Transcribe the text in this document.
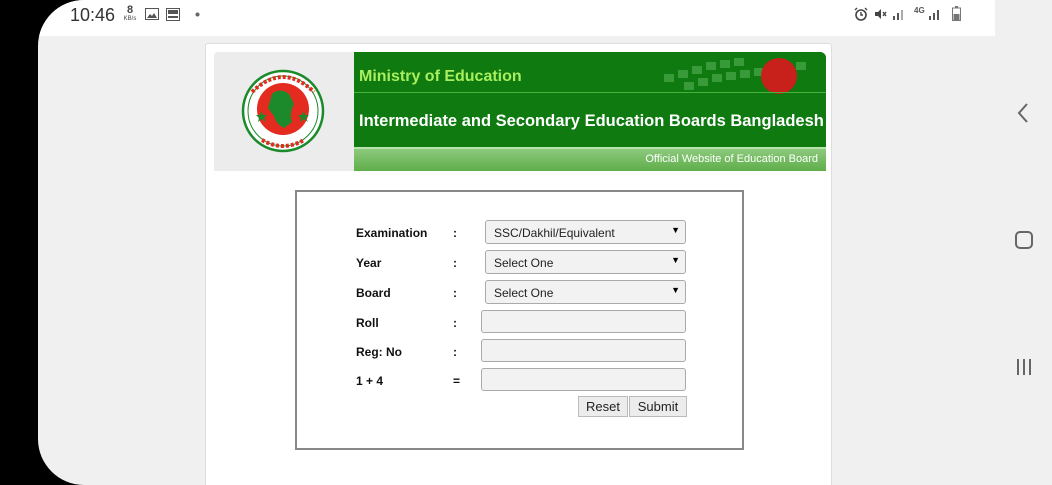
10:46	8
KB/s
4G
Ministry of Education
Intermediate and Secondary Education Boards Bangladesh
Official Website of Education Board
Examination :	SSC/Dakhil/Equivalent	▼
Year	:	Select One	▼
Board	:	Select One	▼
Roll	:
Reg: No	:
1 + 4	=
Reset	Submit
